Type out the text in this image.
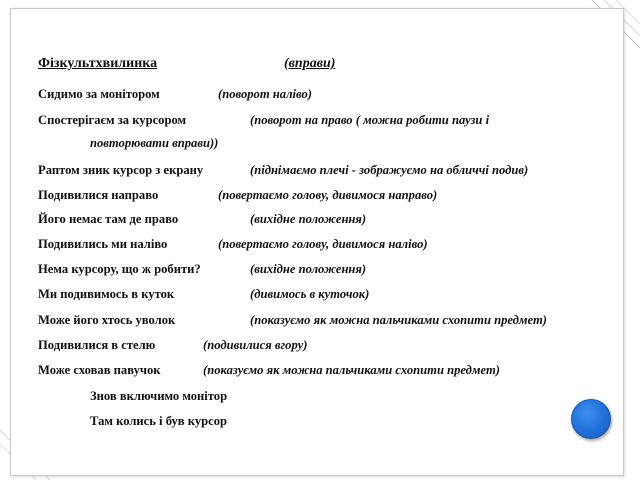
Фізкультхвилинка	(вправи)
Сидимо за монітором	(поворот наліво)
Спостерігаєм за курсором	(поворот на право ( можна робити паузи і
повторювати вправи))
Раптом зник курсор з екрану	(піднімаємо плечі - зображуємо на обличчі подив)
Подивилися направо	(повертаємо голову, дивимося направо)
Його немає там де право	(вихідне положення)
Подивились ми наліво	(повертаємо голову, дивимося наліво)
Нема курсору, що ж робити?	(вихідне положення)
Ми подивимось в куток	(дивимось в куточок)
Може його хтось уволок	(показуємо як можна пальчиками схопити предмет)
Подивилися в стелю	(подивилися вгору)
Може сховав павучок	(показуємо як можна пальчиками схопити предмет)
Знов включимо монітор
Там колись і був курсор
